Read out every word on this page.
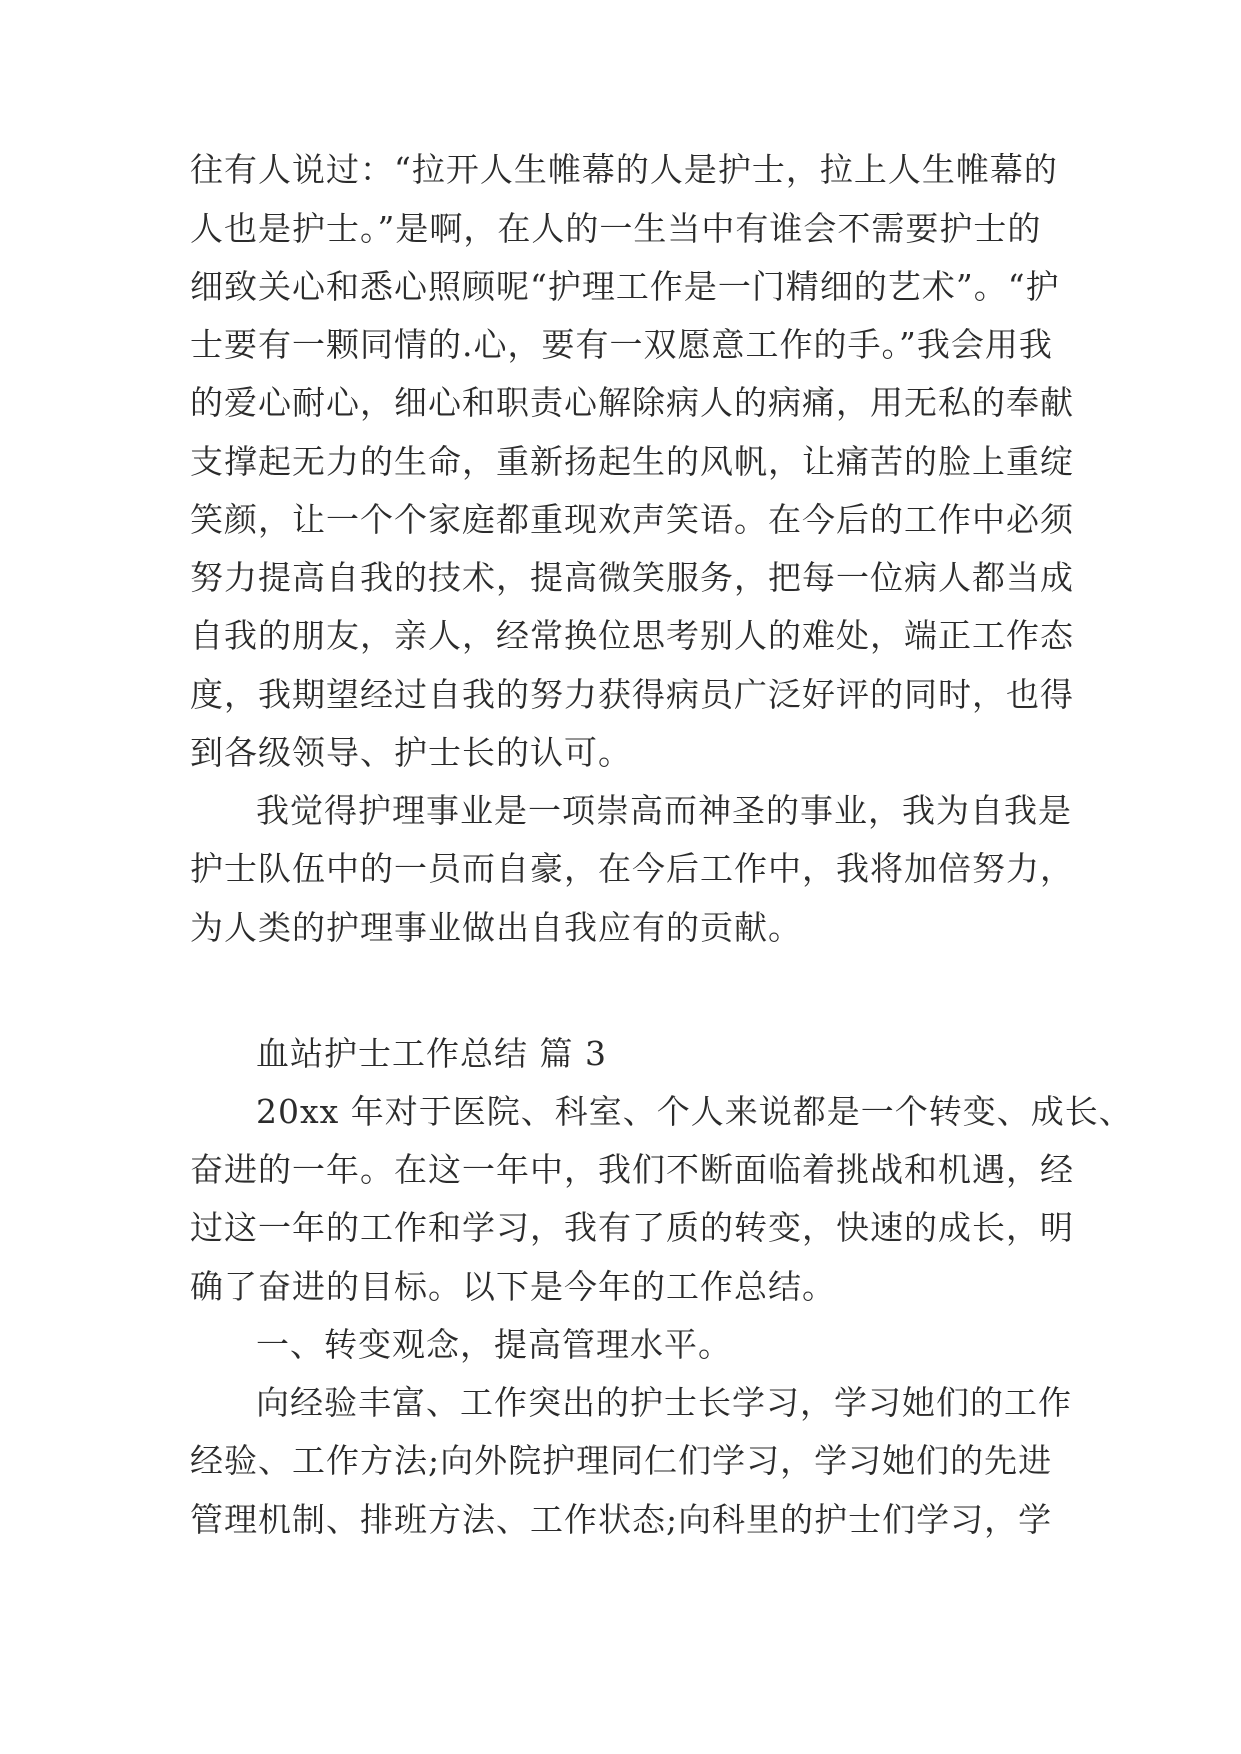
往有人说过：“拉开人生帷幕的人是护士，拉上人生帷幕的
人也是护士。”是啊，在人的一生当中有谁会不需要护士的
细致关心和悉心照顾呢“护理工作是一门精细的艺术”。“护
士要有一颗同情的.心，要有一双愿意工作的手。”我会用我
的爱心耐心，细心和职责心解除病人的病痛，用无私的奉献
支撑起无力的生命，重新扬起生的风帆，让痛苦的脸上重绽
笑颜，让一个个家庭都重现欢声笑语。在今后的工作中必须
努力提高自我的技术，提高微笑服务，把每一位病人都当成
自我的朋友，亲人，经常换位思考别人的难处，端正工作态
度，我期望经过自我的努力获得病员广泛好评的同时，也得
到各级领导、护士长的认可。
我觉得护理事业是一项崇高而神圣的事业，我为自我是
护士队伍中的一员而自豪，在今后工作中，我将加倍努力，
为人类的护理事业做出自我应有的贡献。
血站护士工作总结 篇 3
20xx 年对于医院、科室、个人来说都是一个转变、成长、
奋进的一年。在这一年中，我们不断面临着挑战和机遇，经
过这一年的工作和学习，我有了质的转变，快速的成长，明
确了奋进的目标。以下是今年的工作总结。
一、转变观念，提高管理水平。
向经验丰富、工作突出的护士长学习，学习她们的工作
经验、工作方法;向外院护理同仁们学习，学习她们的先进
管理机制、排班方法、工作状态;向科里的护士们学习，学
